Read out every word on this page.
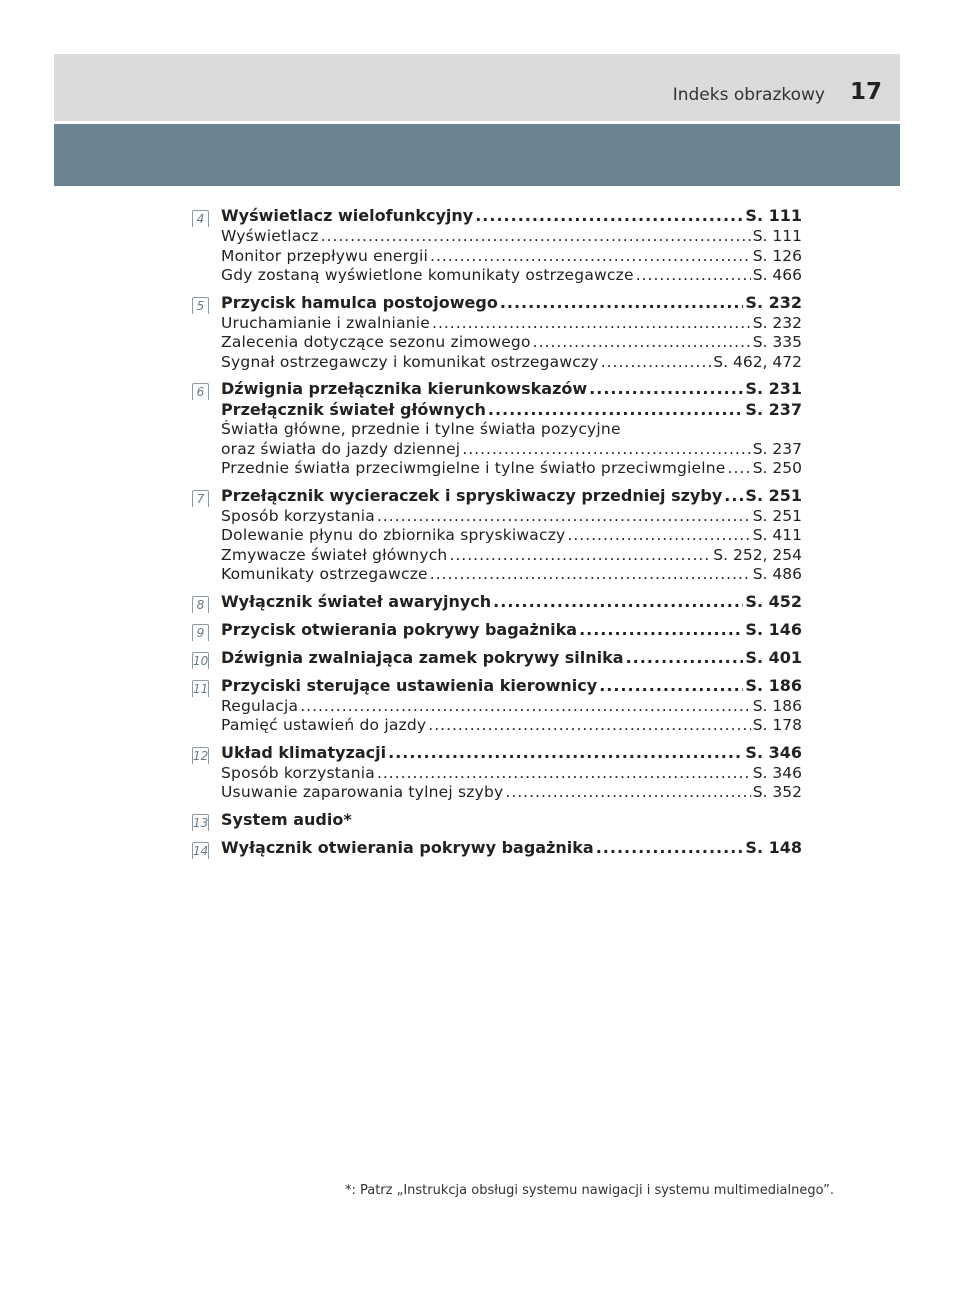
Indeks obrazkowy 17
4 Wyświetlacz wielofunkcyjny .....	S. 111
Wyświetlacz .....	S. 111
Monitor przepływu energii .....	S. 126
Gdy zostaną wyświetlone komunikaty ostrzegawcze .....	S. 466
5 Przycisk hamulca postojowego .....	S. 232
Uruchamianie i zwalnianie .....	S. 232
Zalecenia dotyczące sezonu zimowego .....	S. 335
Sygnał ostrzegawczy i komunikat ostrzegawczy .....	S. 462, 472
6 Dźwignia przełącznika kierunkowskazów .....	S. 231
Przełącznik świateł głównych .....	S. 237
Światła główne, przednie i tylne światła pozycyjne
oraz światła do jazdy dziennej .....	S. 237
Przednie światła przeciwmgielne i tylne światło przeciwmgielne ..... S. 250
7 Przełącznik wycieraczek i spryskiwaczy przedniej szyby ..... S. 251
Sposób korzystania .....	S. 251
Dolewanie płynu do zbiornika spryskiwaczy .....	S. 411
Zmywacze świateł głównych .....	S. 252, 254
Komunikaty ostrzegawcze .....	S. 486
8 Wyłącznik świateł awaryjnych .....	S. 452
9 Przycisk otwierania pokrywy bagażnika .....	S. 146
10 Dźwignia zwalniająca zamek pokrywy silnika .....	S. 401
11 Przyciski sterujące ustawienia kierownicy .....	S. 186
Regulacja .....	S. 186
Pamięć ustawień do jazdy .....	S. 178
12 Układ klimatyzacji .....	S. 346
Sposób korzystania .....	S. 346
Usuwanie zaparowania tylnej szyby .....	S. 352
13 System audio*
14 Wyłącznik otwierania pokrywy bagażnika .....	S. 148
*: Patrz „Instrukcja obsługi systemu nawigacji i systemu multimedialnego”.
